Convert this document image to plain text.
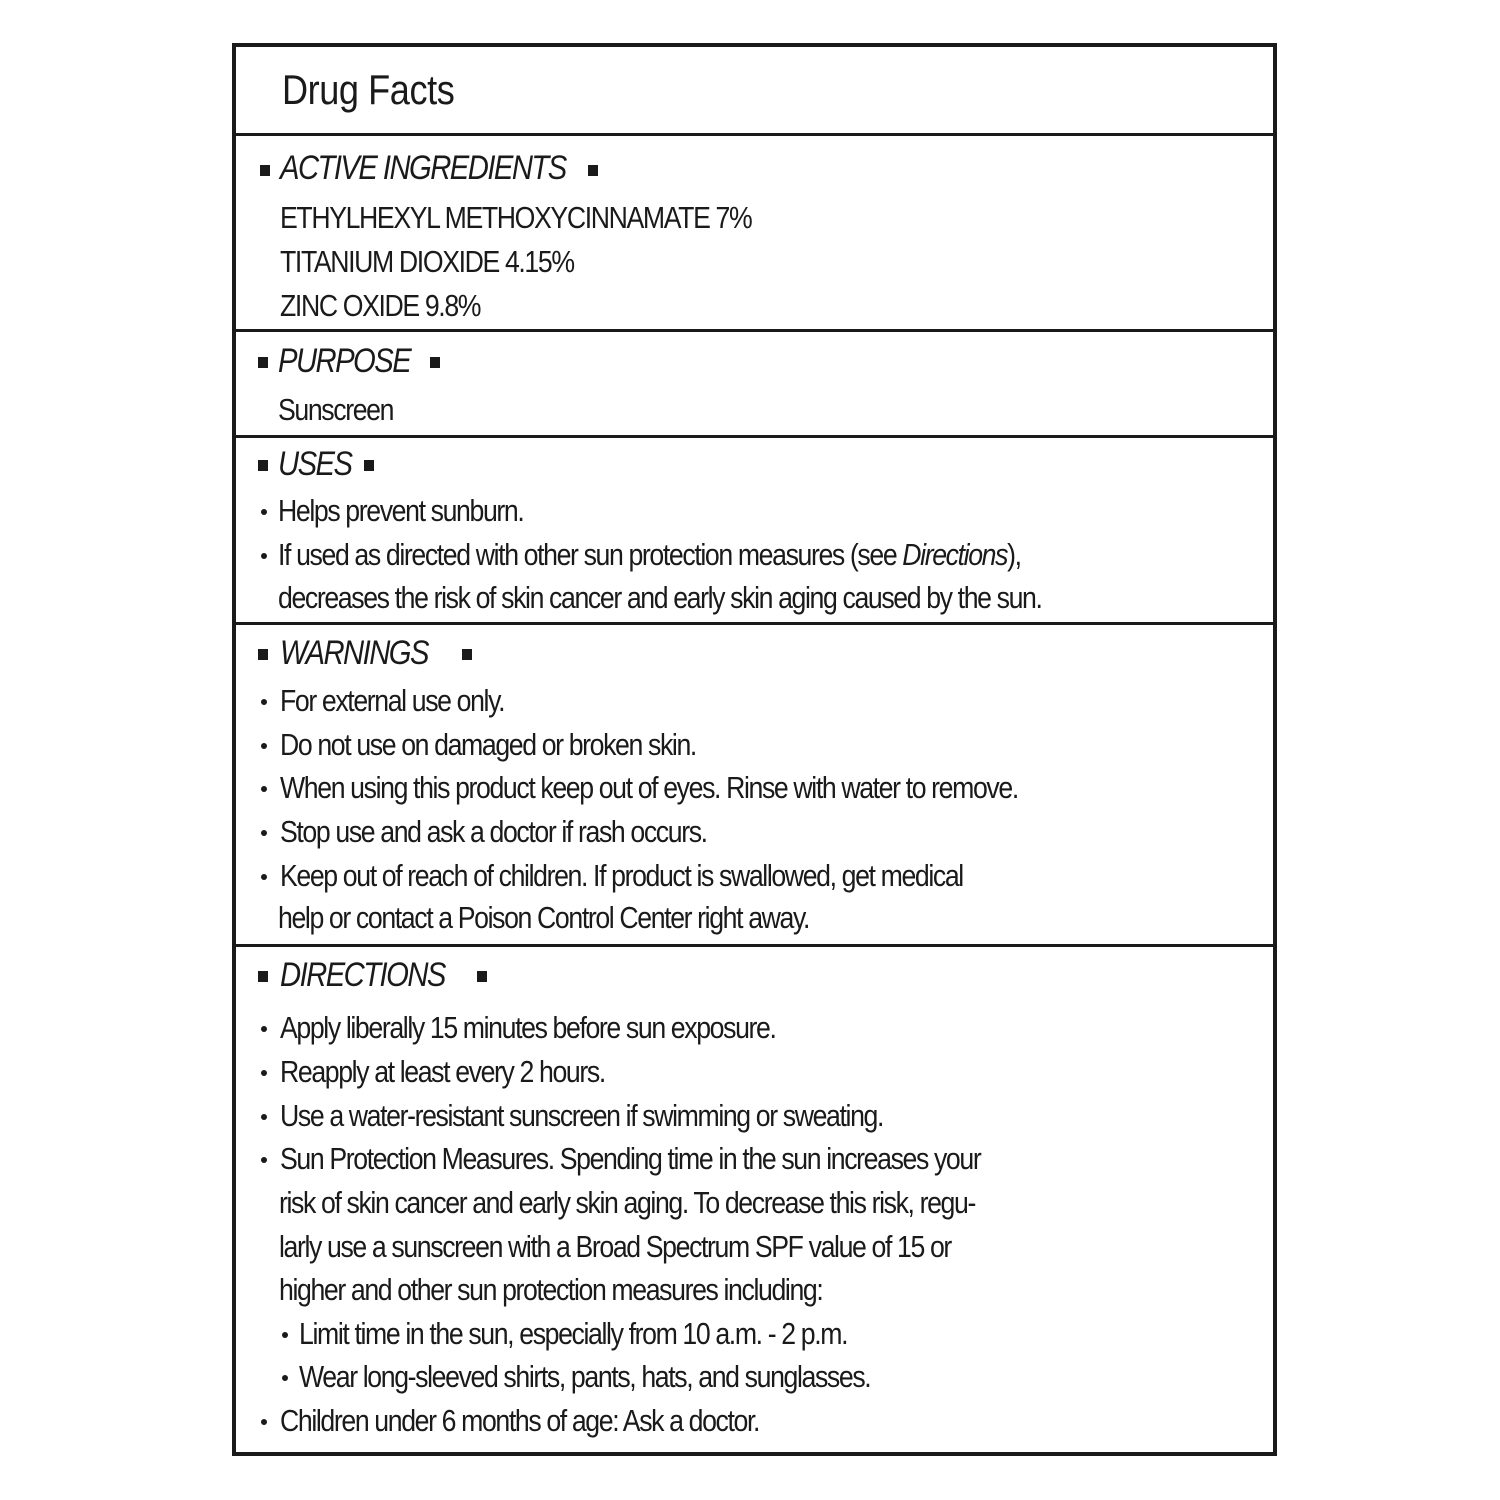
Drug Facts

ACTIVE INGREDIENTS

ETHYLHEXYL METHOXYCINNAMATE 7%

TITANIUM DIOXIDE 4.15%

ZINC OXIDE 9.8%

PURPOSE

Sunscreen

USES

Helps prevent sunburn.

If used as directed with other sun protection measures (see Directions),

decreases the risk of skin cancer and early skin aging caused by the sun.

WARNINGS

For external use only.

Do not use on damaged or broken skin.

When using this product keep out of eyes. Rinse with water to remove.

Stop use and ask a doctor if rash occurs.

Keep out of reach of children. If product is swallowed, get medical

help or contact a Poison Control Center right away.

DIRECTIONS

Apply liberally 15 minutes before sun exposure.

Reapply at least every 2 hours.

Use a water-resistant sunscreen if swimming or sweating.

Sun Protection Measures. Spending time in the sun increases your

risk of skin cancer and early skin aging. To decrease this risk, regu-

larly use a sunscreen with a Broad Spectrum SPF value of 15 or

higher and other sun protection measures including:

Limit time in the sun, especially from 10 a.m. - 2 p.m.

Wear long-sleeved shirts, pants, hats, and sunglasses.

Children under 6 months of age: Ask a doctor.
